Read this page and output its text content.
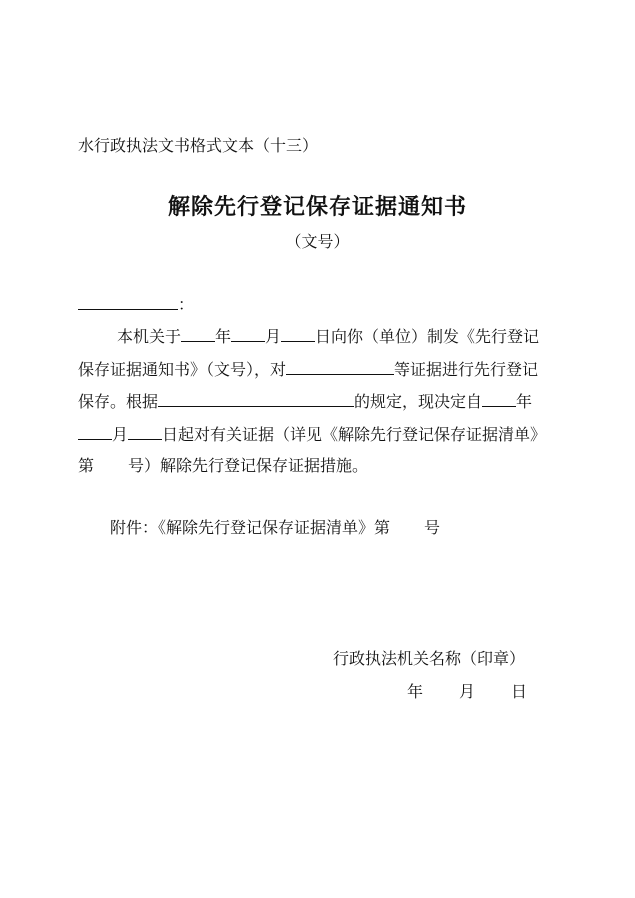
水行政执法文书格式文本（十三）
解除先行登记保存证据通知书
（文号）
：
本机关于 年 月 日向你（单位）制发《先行登记
保存证据通知书》（文号），对	等证据进行先行登记
保存。根据	的规定，现决定自 年
月 日起对有关证据（详见《解除先行登记保存证据清单》
第 号）解除先行登记保存证据措施。
附件：《解除先行登记保存证据清单》第 号
行政执法机关名称（印章）
年 月 日
